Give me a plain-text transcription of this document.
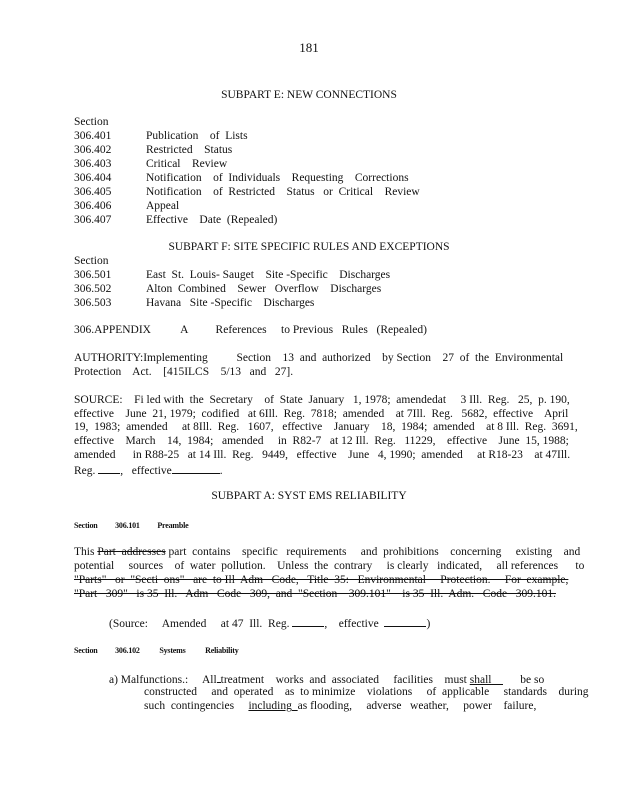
181
SUBPART E: NEW CONNECTIONS
Section
306.401	Publication    of  Lists
306.402	Restricted    Status
306.403	Critical    Review
306.404	Notification    of  Individuals    Requesting    Corrections
306.405	Notification    of  Restricted    Status   or  Critical    Review
306.406	Appeal
306.407	Effective    Date  (Repealed)
SUBPART F: SITE SPECIFIC RULES AND EXCEPTIONS
Section
306.501	East  St.  Louis- Sauget    Site -Specific    Discharges
306.502	Alton  Combined    Sewer   Overflow    Discharges
306.503	Havana   Site -Specific    Discharges
306.APPENDIX	A References     to Previous   Rules   (Repealed)
AUTHORITY:Implementing          Section    13  and  authorized    by Section    27  of  the  Environmental
Protection    Act.    [415ILCS    5/13   and   27].
SOURCE:    Fi led with  the  Secretary    of  State  January   1, 1978;  amendedat     3 Ill.  Reg.   25,  p. 190,
effective    June  21, 1979;  codified   at 6Ill.  Reg.  7818;  amended    at 7Ill.  Reg.   5682,  effective    April
19,  1983;  amended     at 8Ill.  Reg.   1607,   effective    January    18,  1984;  amended    at 8 Ill.  Reg.  3691,
effective    March    14,  1984;   amended     in  R82-7   at 12 Ill.  Reg.   11229,    effective    June  15, 1988;
amended      in R88-25   at 14 Ill.  Reg.   9449,   effective    June   4, 1990;  amended     at R18-23    at 47Ill.
Reg. ,   effective	.
SUBPART A: SYST EMS RELIABILITY
Section 306.101 Preamble
This Part  addresses part  contains    specific   requirements     and  prohibitions    concerning     existing    and
potential     sources    of  water  pollution.    Unless  the  contrary     is clearly   indicated,     all references      to
"Parts"   or  "Secti  ons"   are  to Ill  Adm   Code,   Title  35:   Environmental     Protection.     For  example,
"Part   309"   is 35  Ill.   Adm   Code   309,  and  "Section    309.101"    is 35  Ill.  Adm.   Code   309.101.
(Source:     Amended     at 47  Ill.  Reg.	,    effective	)
Section 306.102 Systems Reliability
a) Malfunctions.:     All treatment    works  and  associated     facilities    must shall	be so
constructed     and  operated    as  to minimize    violations     of  applicable     standards    during
such  contingencies including as flooding,     adverse   weather,     power    failure,
